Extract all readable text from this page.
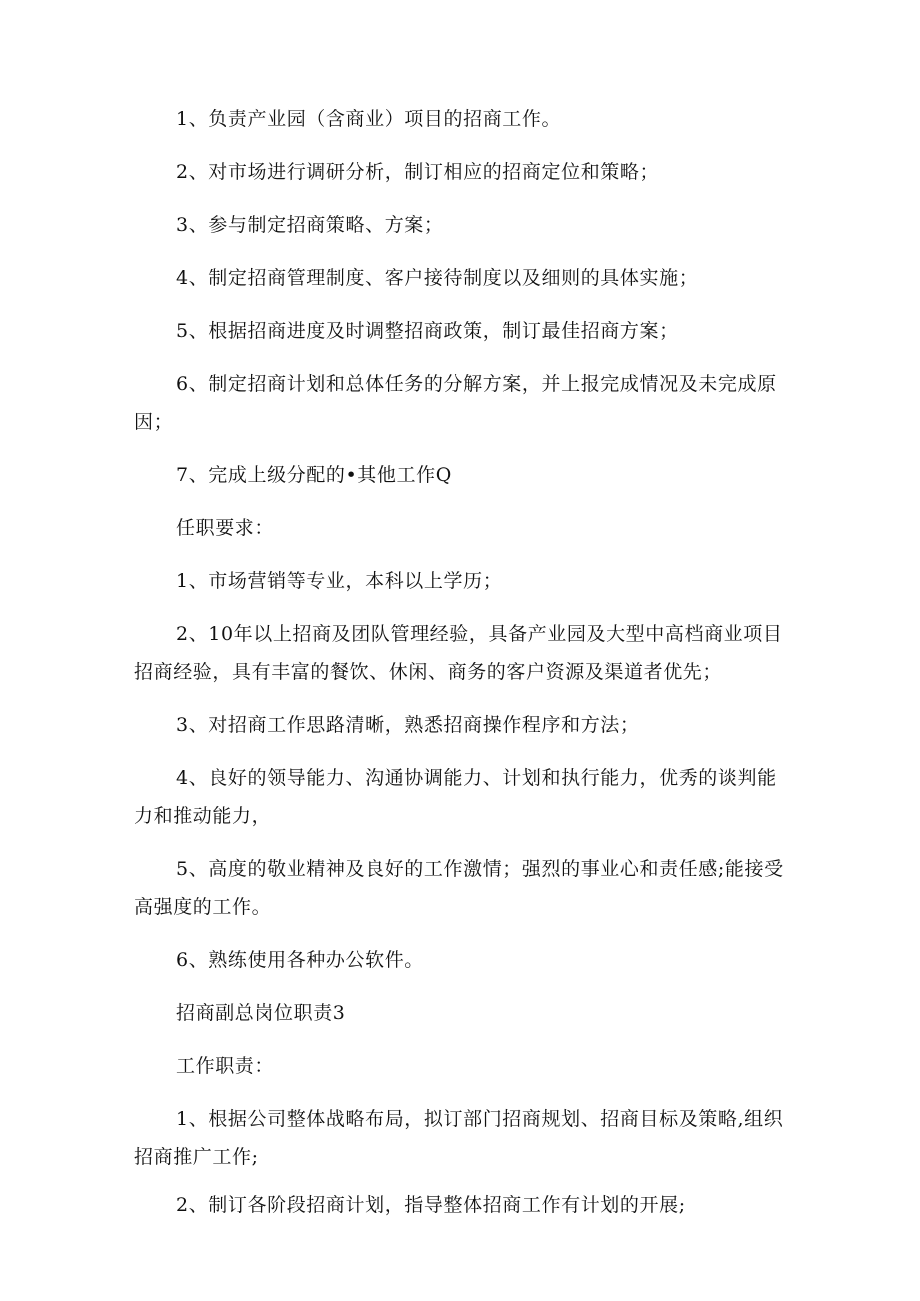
1、负责产业园（含商业）项目的招商工作。

2、对市场进行调研分析，制订相应的招商定位和策略；

3、参与制定招商策略、方案；

4、制定招商管理制度、客户接待制度以及细则的具体实施；

5、根据招商进度及时调整招商政策，制订最佳招商方案；

6、制定招商计划和总体任务的分解方案，并上报完成情况及未完成原因；

7、完成上级分配的•其他工作Q

任职要求：

1、市场营销等专业，本科以上学历；

2、10年以上招商及团队管理经验，具备产业园及大型中高档商业项目招商经验，具有丰富的餐饮、休闲、商务的客户资源及渠道者优先；

3、对招商工作思路清晰，熟悉招商操作程序和方法；

4、良好的领导能力、沟通协调能力、计划和执行能力，优秀的谈判能力和推动能力，

5、高度的敬业精神及良好的工作激情；强烈的事业心和责任感;能接受高强度的工作。

6、熟练使用各种办公软件。

招商副总岗位职责3

工作职责：

1、根据公司整体战略布局，拟订部门招商规划、招商目标及策略,组织招商推广工作;

2、制订各阶段招商计划，指导整体招商工作有计划的开展;
